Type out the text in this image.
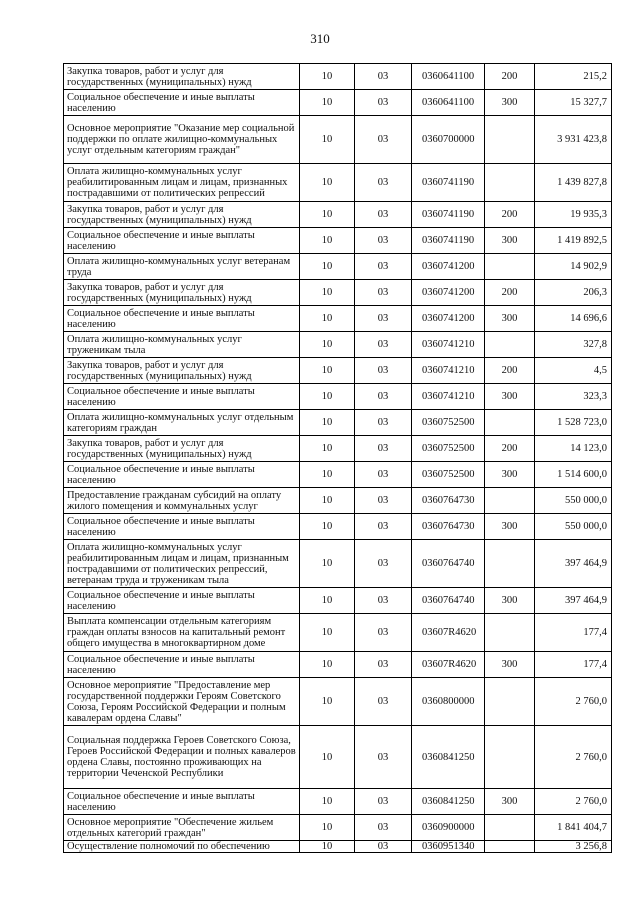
310
Закупка товаров, работ и услуг для государственных (муниципальных) нужд	10	03	0360641100	200	215,2
Социальное обеспечение и иные выплаты населению	10	03	0360641100	300	15 327,7
Основное мероприятие "Оказание мер социальной поддержки по оплате жилищно-коммунальных услуг отдельным категориям граждан"	10	03	0360700000		3 931 423,8
Оплата жилищно-коммунальных услуг реабилитированным лицам и лицам, признанных пострадавшими от политических репрессий	10	03	0360741190		1 439 827,8
Закупка товаров, работ и услуг для государственных (муниципальных) нужд	10	03	0360741190	200	19 935,3
Социальное обеспечение и иные выплаты населению	10	03	0360741190	300	1 419 892,5
Оплата жилищно-коммунальных услуг ветеранам труда	10	03	0360741200		14 902,9
Закупка товаров, работ и услуг для государственных (муниципальных) нужд	10	03	0360741200	200	206,3
Социальное обеспечение и иные выплаты населению	10	03	0360741200	300	14 696,6
Оплата жилищно-коммунальных услуг труженикам тыла	10	03	0360741210		327,8
Закупка товаров, работ и услуг для государственных (муниципальных) нужд	10	03	0360741210	200	4,5
Социальное обеспечение и иные выплаты населению	10	03	0360741210	300	323,3
Оплата жилищно-коммунальных услуг отдельным категориям граждан	10	03	0360752500		1 528 723,0
Закупка товаров, работ и услуг для государственных (муниципальных) нужд	10	03	0360752500	200	14 123,0
Социальное обеспечение и иные выплаты населению	10	03	0360752500	300	1 514 600,0
Предоставление гражданам субсидий на оплату жилого помещения и коммунальных услуг	10	03	0360764730		550 000,0
Социальное обеспечение и иные выплаты населению	10	03	0360764730	300	550 000,0
Оплата жилищно-коммунальных услуг реабилитированным лицам и лицам, признанным пострадавшими от политических репрессий, ветеранам труда и труженикам тыла	10	03	0360764740		397 464,9
Социальное обеспечение и иные выплаты населению	10	03	0360764740	300	397 464,9
Выплата компенсации отдельным категориям граждан оплаты взносов на капитальный ремонт общего имущества в многоквартирном доме	10	03	03607R4620		177,4
Социальное обеспечение и иные выплаты населению	10	03	03607R4620	300	177,4
Основное мероприятие "Предоставление мер государственной поддержки Героям Советского Союза, Героям Российской Федерации и полным кавалерам ордена Славы"	10	03	0360800000		2 760,0
Социальная поддержка Героев Советского Союза, Героев Российской Федерации и полных кавалеров ордена Славы, постоянно проживающих на территории Чеченской Республики	10	03	0360841250		2 760,0
Социальное обеспечение и иные выплаты населению	10	03	0360841250	300	2 760,0
Основное мероприятие "Обеспечение жильем отдельных категорий граждан"	10	03	0360900000		1 841 404,7
Осуществление полномочий по обеспечению	10	03	0360951340		3 256,8
